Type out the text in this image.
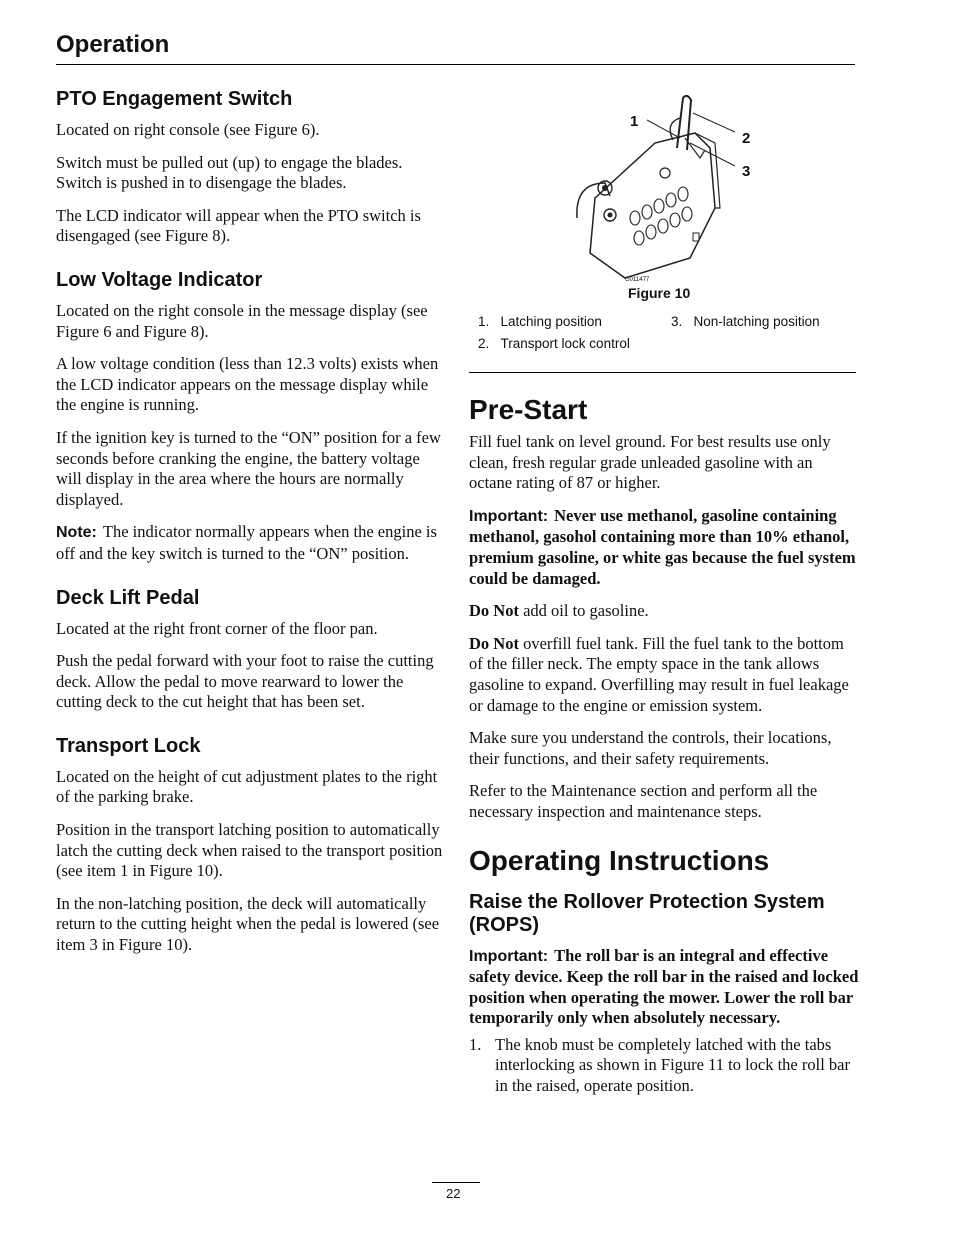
Operation
PTO Engagement Switch

Located on right console (see Figure 6).

Switch must be pulled out (up) to engage the blades. Switch is pushed in to disengage the blades.

The LCD indicator will appear when the PTO switch is disengaged (see Figure 8).

Low Voltage Indicator

Located on the right console in the message display (see Figure 6 and Figure 8).

A low voltage condition (less than 12.3 volts) exists when the LCD indicator appears on the message display while the engine is running.

If the ignition key is turned to the “ON” position for a few seconds before cranking the engine, the battery voltage will display in the area where the hours are normally displayed.

Note: The indicator normally appears when the engine is off and the key switch is turned to the “ON” position.

Deck Lift Pedal

Located at the right front corner of the floor pan.

Push the pedal forward with your foot to raise the cutting deck. Allow the pedal to move rearward to lower the cutting deck to the cut height that has been set.

Transport Lock

Located on the height of cut adjustment plates to the right of the parking brake.

Position in the transport latching position to automatically latch the cutting deck when raised to the transport position (see item 1 in Figure 10).

In the non-latching position, the deck will automatically return to the cutting height when the pedal is lowered (see item 3 in Figure 10).

1
2
3
G011477
Figure 10
1. Latching position
2. Transport lock control
3. Non-latching position
Pre-Start

Fill fuel tank on level ground. For best results use only clean, fresh regular grade unleaded gasoline with an octane rating of 87 or higher.

Important: Never use methanol, gasoline containing methanol, gasohol containing more than 10% ethanol, premium gasoline, or white gas because the fuel system could be damaged.

Do Not add oil to gasoline.

Do Not overfill fuel tank. Fill the fuel tank to the bottom of the filler neck. The empty space in the tank allows gasoline to expand. Overfilling may result in fuel leakage or damage to the engine or emission system.

Make sure you understand the controls, their locations, their functions, and their safety requirements.

Refer to the Maintenance section and perform all the necessary inspection and maintenance steps.

Operating Instructions
Raise the Rollover Protection System (ROPS)

Important: The roll bar is an integral and effective safety device. Keep the roll bar in the raised and locked position when operating the mower. Lower the roll bar temporarily only when absolutely necessary.

1. The knob must be completely latched with the tabs interlocking as shown in Figure 11 to lock the roll bar in the raised, operate position.
22
